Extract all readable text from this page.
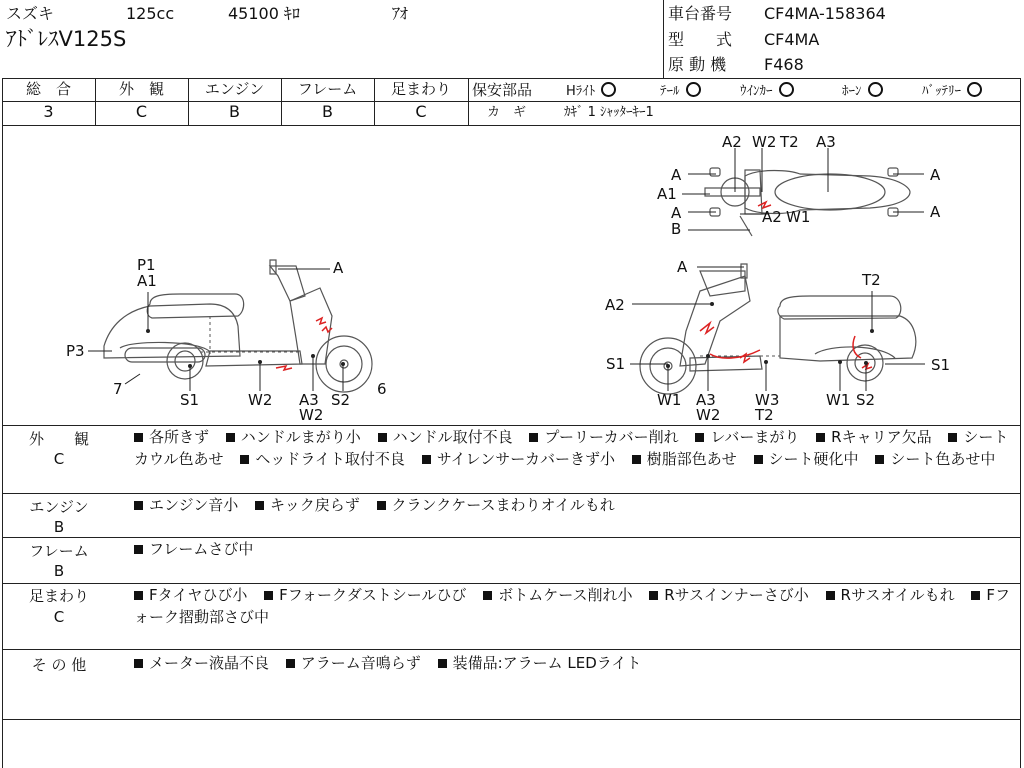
スズキ	125cc	45100 ｷﾛ	ｱｵ
ｱﾄﾞﾚｽV125S
車台番号 CF4MA-158364
型　　式 CF4MA
原 動 機 F468
総　合
3
外　観
C
エンジン
B
フレーム
B
足まわり
C
保安部品	Hﾗｲﾄ	ﾃｰﾙ	ｳｲﾝｶｰ	ﾎｰﾝ	ﾊﾞｯﾃﾘｰ
カ　ギ	ｶｷﾞ 1 ｼｬｯﾀｰｷｰ1
P1
A1
A
P3
7
S1	W2 A3
W2
S2
6
A
T2
A2
S1	S1
W1 A3
W2
W3
T2
W1 S2
A2 W2 T2 A3
A
A1
A
B
A2 W1
A
A
外　　観
C
各所きず ハンドルまがり小 ハンドル取付不良 プーリーカバー削れ レバーまがり Rキャリア欠品 シートカウル色あせ ヘッドライト取付不良 サイレンサーカバーきず小 樹脂部色あせ シート硬化中 シート色あせ中
エンジン
B
エンジン音小 キック戻らず クランクケースまわりオイルもれ
フレーム
B
フレームさび中
足まわり
C
Fタイヤひび小 Fフォークダストシールひび ボトムケース削れ小 Rサスインナーさび小 Rサスオイルもれ Fフォーク摺動部さび中
そ の 他	メーター液晶不良 アラーム音鳴らず 装備品:アラーム LEDライト
